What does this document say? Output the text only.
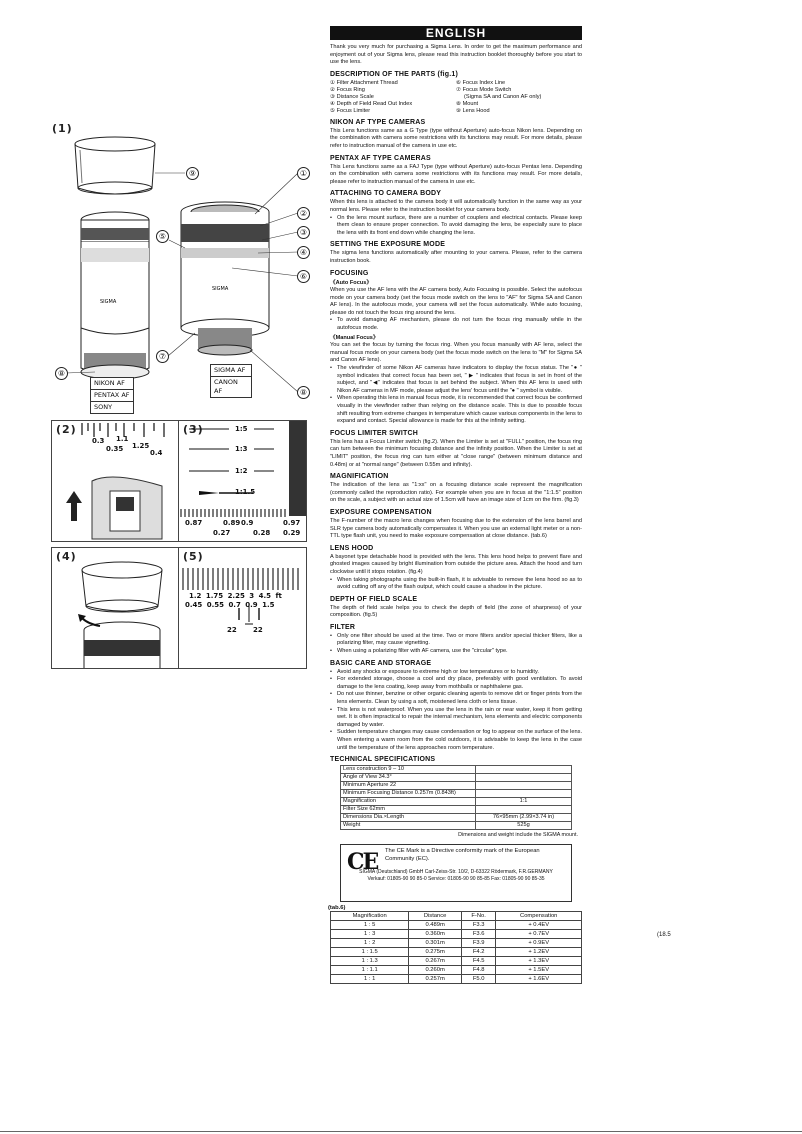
(1)
SIGMA
SIGMA
⑨	①
②
③
④
⑤
⑥
⑦
⑧
⑧
NIKON AF
PENTAX AF
SONY
SIGMA AF
CANON AF
(2)
0.3
0.35 1.25
0.4
1.1
(3)	1:5
1:3
1:2
1:1.5
0.87	0.89 0.9	0.97
0.27	0.28 0.29
(4)	(5)
1.2 1.75 2.25 3 4.5 ft
0.45 0.55 0.7 0.9 1.5
22 22
ENGLISH

Thank you very much for purchasing a Sigma Lens. In order to get the maximum performance and enjoyment out of your Sigma lens, please read this instruction booklet thoroughly before you start to use the lens.

DESCRIPTION OF THE PARTS (fig.1)
① Filter Attachment Thread
② Focus Ring
③ Distance Scale
④ Depth of Field Read Out Index
⑤ Focus Limiter
⑥ Focus Index Line
⑦ Focus Mode Switch
(Sigma SA and Canon AF only)
⑧ Mount
⑨ Lens Hood
NIKON AF TYPE CAMERAS

This Lens functions same as a G Type (type without Aperture) auto-focus Nikon lens. Depending on the combination with camera some restrictions with its functions may result. For more details, please refer to instruction manual of the camera in use etc.

PENTAX AF TYPE CAMERAS

This Lens functions same as a FAJ Type (type without Aperture) auto-focus Pentax lens. Depending on the combination with camera some restrictions with its functions may result. For more details, please refer to instruction manual of the camera in use etc.

ATTACHING TO CAMERA BODY

When this lens is attached to the camera body it will automatically function in the same way as your normal lens. Please refer to the instruction booklet for your camera body.

• On the lens mount surface, there are a number of couplers and electrical contacts. Please keep them clean to ensure proper connection. To avoid damaging the lens, be especially sure to place the lens with its front end down while changing the lens.

SETTING THE EXPOSURE MODE

The sigma lens functions automatically after mounting to your camera. Please, refer to the camera instruction book.

FOCUSING
《Auto Focus》

When you use the AF lens with the AF camera body, Auto Focusing is possible. Select the autofocus mode on your camera body (set the focus mode switch on the lens to "AF" for Sigma SA and Canon AF lens). In the autofocus mode, your camera will set the focus automatically. While auto focusing, please do not touch the focus ring around the lens.

• To avoid damaging AF mechanism, please do not turn the focus ring manually while in the autofocus mode.

《Manual Focus》

You can set the focus by turning the focus ring. When you focus manually with AF lens, select the manual focus mode on your camera body (set the focus mode switch on the lens to "M" for Sigma SA and Canon AF lens).

• The viewfinder of some Nikon AF cameras have indicators to display the focus status. The "● " symbol indicates that correct focus has been set, " ▶ " indicates that focus is set in front of the subject, and "◀" indicates that focus is set behind the subject. When this AF lens is used with Nikon AF cameras in MF mode, please adjust the lens' focus until the "● " symbol is visible.

• When operating this lens in manual focus mode, it is recommended that correct focus be confirmed visually in the viewfinder rather than relying on the distance scale. This is due to possible focus shift resulting from extreme changes in temperature which cause various components in the lens to expand and contact. Special allowance is made for this at the infinity setting.

FOCUS LIMITER SWITCH

This lens has a Focus Limiter switch (fig.2). When the Limiter is set at "FULL" position, the focus ring can turn between the minimum focusing distance and the infinity position. When the Limiter is set at "LIMIT" position, the focus ring can turn either at "close range" (between minimum distance and 0.48m) or at "normal range" (between 0.55m and infinity).

MAGNIFICATION

The indication of the lens as "1:xx" on a focusing distance scale represent the magnification (commonly called the reproduction ratio). For example when you are in focus at the "1:1.5" position on the scale, a subject with an actual size of 1.5cm will have an image size of 1cm on the firm. (fig.3)

EXPOSURE COMPENSATION

The F-number of the macro lens changes when focusing due to the extension of the lens barrel and SLR type camera body automatically compensates it. When you use an external light meter or a non-TTL type flash unit, you need to make exposure compensation at close distance. (tab.6)

LENS HOOD

A bayonet type detachable hood is provided with the lens. This lens hood helps to prevent flare and ghosted images caused by bright illumination from outside the picture area. Attach the hood and turn clockwise until it stops rotation. (fig.4)

• When taking photographs using the built-in flash, it is advisable to remove the lens hood so as to avoid cutting off any of the flash output, which could cause a shadow in the picture.

DEPTH OF FIELD SCALE

The depth of field scale helps you to check the depth of field (the zone of sharpness) of your composition. (fig.5)

FILTER

• Only one filter should be used at the time. Two or more filters and/or special thicker filters, like a polarizing filter, may cause vignetting.

• When using a polarizing filter with AF camera, use the "circular" type.

BASIC CARE AND STORAGE

• Avoid any shocks or exposure to extreme high or low temperatures or to humidity.

• For extended storage, choose a cool and dry place, preferably with good ventilation. To avoid damage to the lens coating, keep away from mothballs or naphthalene gas.

• Do not use thinner, benzine or other organic cleaning agents to remove dirt or finger prints from the lens elements. Clean by using a soft, moistened lens cloth or lens tissue.

• This lens is not waterproof. When you use the lens in the rain or near water, keep it from getting wet. It is often impractical to repair the internal mechanism, lens elements and electric components damaged by water.

• Sudden temperature changes may cause condensation or fog to appear on the surface of the lens. When entering a warm room from the cold outdoors, it is advisable to keep the lens in the case until the temperature of the lens approaches room temperature.

TECHNICAL SPECIFICATIONS
Lens construction 9 – 10	
Angle of View 34.3°	
Minimum Aperture 22	
Minimum Focusing Distance 0.257m (0.843ft)	
Magnification	1:1
Filter Size 62mm	
Dimensions Dia.×Length	76×95mm (2.99×3.74 in)
Weight	525g
Dimensions and weight include the SIGMA mount.
CE The CE Mark is a Directive conformity mark of the European Community (EC).
SIGMA (Deutschland) GmbH Carl-Zeiss-Str. 10/2, D-63322 Rödermark, F.R.GERMANY
Verkauf: 01805-90 90 85-0 Service: 01805-90 90 85-85 Fax: 01805-90 90 85-35
(tab.6)
Magnification	Distance	F-No.	Compensation
1 : 5	0.489m	F3.3	+ 0.4EV
1 : 3	0.360m	F3.6	+ 0.7EV
1 : 2	0.301m	F3.9	+ 0.9EV
1 : 1.5	0.275m	F4.2	+ 1.2EV
1 : 1.3	0.267m	F4.5	+ 1.3EV
1 : 1.1	0.260m	F4.8	+ 1.5EV
1 : 1	0.257m	F5.0	+ 1.6EV
(18.5
